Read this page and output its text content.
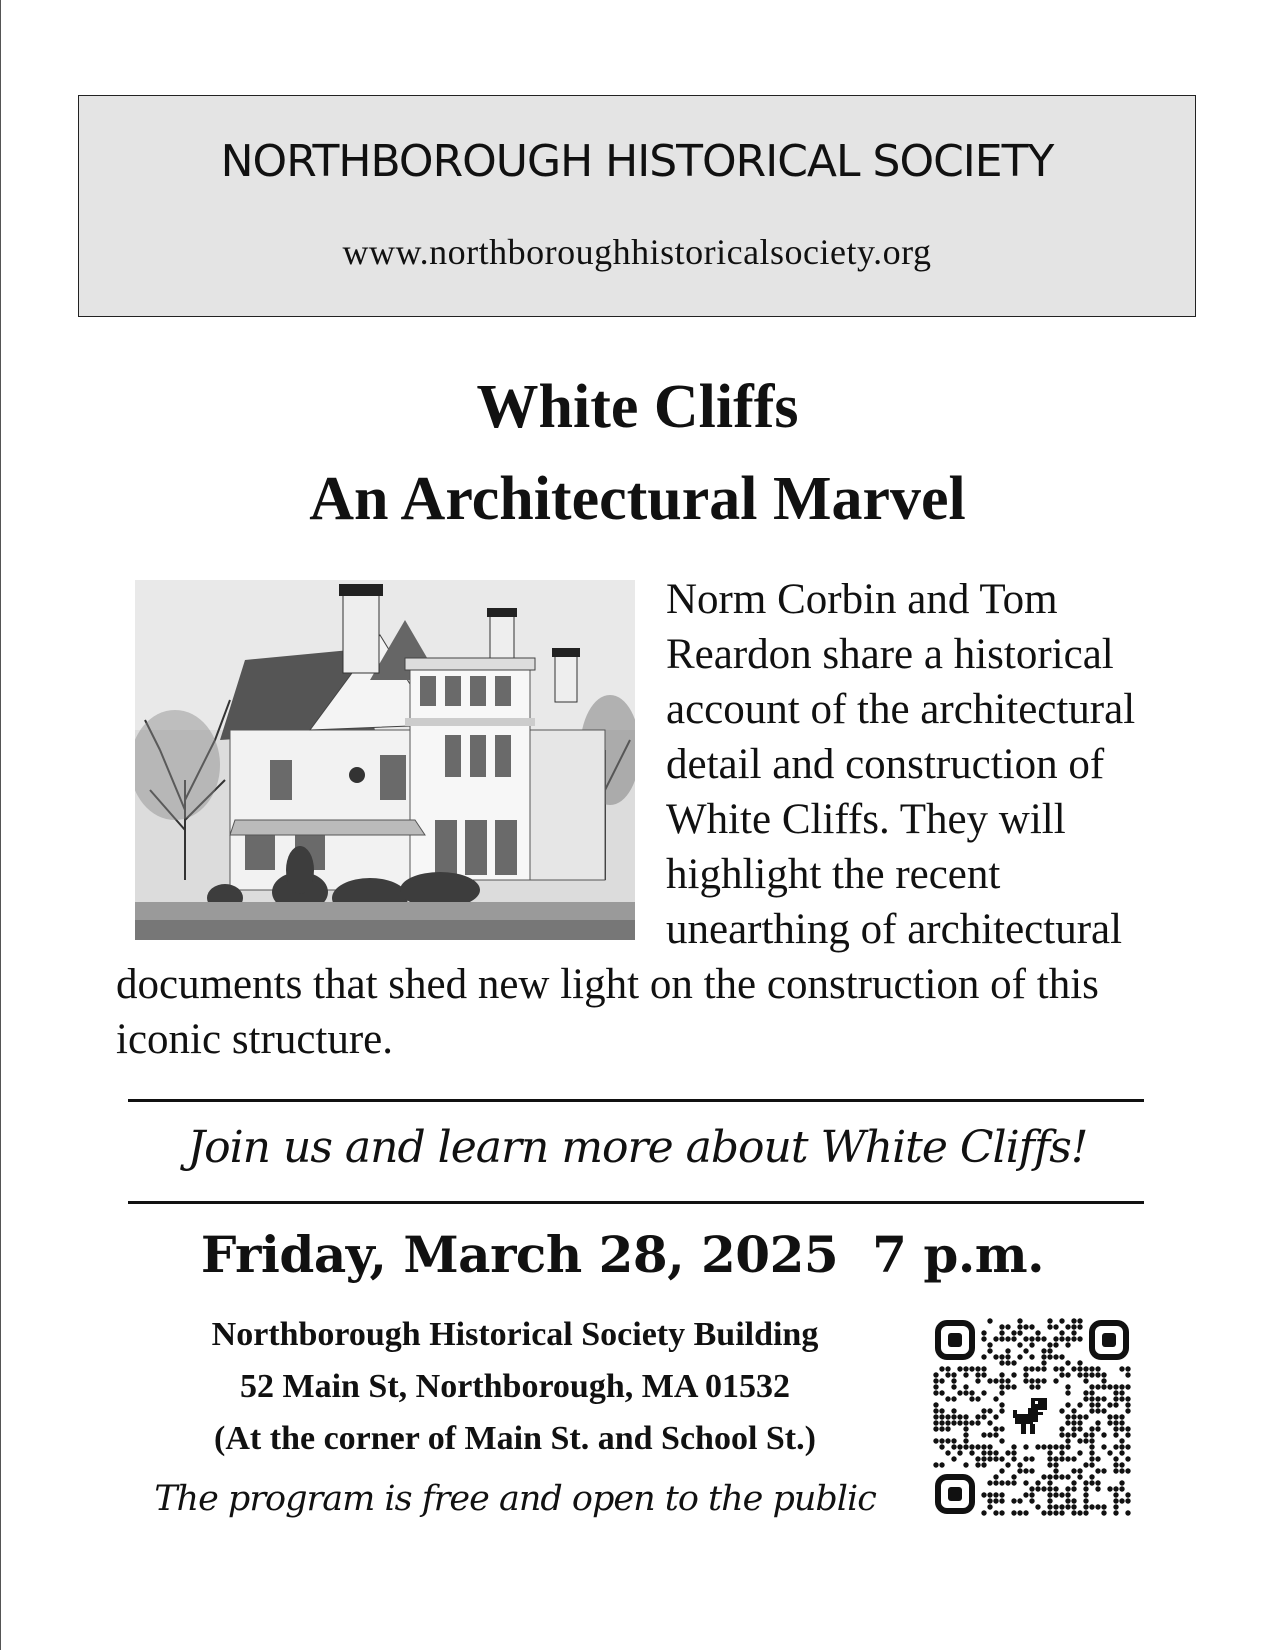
NORTHBOROUGH HISTORICAL SOCIETY
www.northboroughhistoricalsociety.org
White Cliffs
An Architectural Marvel
Norm Corbin and Tom Reardon share a historical account of the architectural detail and construction of White Cliffs. They will highlight the recent unearthing of architectural documents that shed new light on the construction of this iconic structure.
Join us and learn more about White Cliffs!
Friday, March 28, 2025 7 p.m.
Northborough Historical Society Building
52 Main St, Northborough, MA 01532
(At the corner of Main St. and School St.)
The program is free and open to the public
